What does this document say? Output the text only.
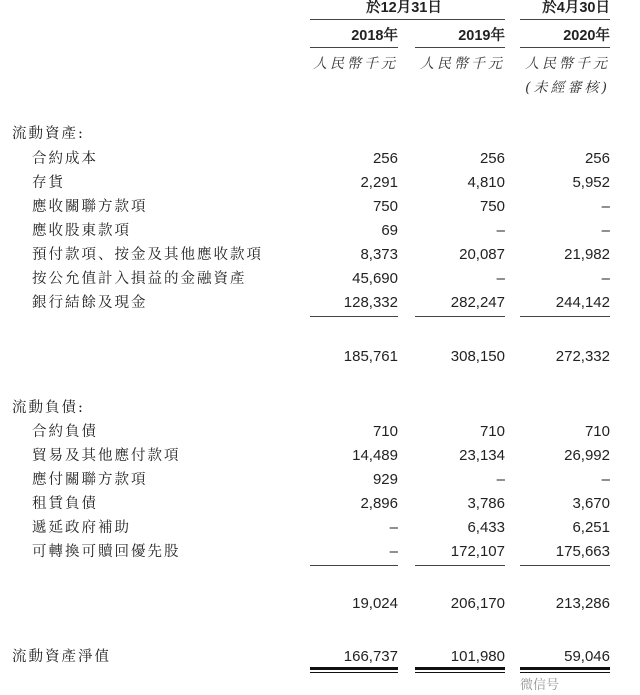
於12月31日	於4月30日
2018年	2019年	2020年
人民幣千元	人民幣千元	人民幣千元
(未經審核)
流動資產:
合約成本	256	256	256
存貨	2,291	4,810	5,952
應收關聯方款項	750	750	–
應收股東款項	69	–	–
預付款項、按金及其他應收款項	8,373	20,087	21,982
按公允值計入損益的金融資產	45,690	–	–
銀行結餘及現金	128,332	282,247	244,142
185,761	308,150	272,332
流動負債:
合約負債	710	710	710
貿易及其他應付款項	14,489	23,134	26,992
應付關聯方款項	929	–	–
租賃負債	2,896	3,786	3,670
遞延政府補助	–	6,433	6,251
可轉換可贖回優先股	–	172,107	175,663
19,024	206,170	213,286
流動資產淨值	166,737	101,980	59,046
微信号
